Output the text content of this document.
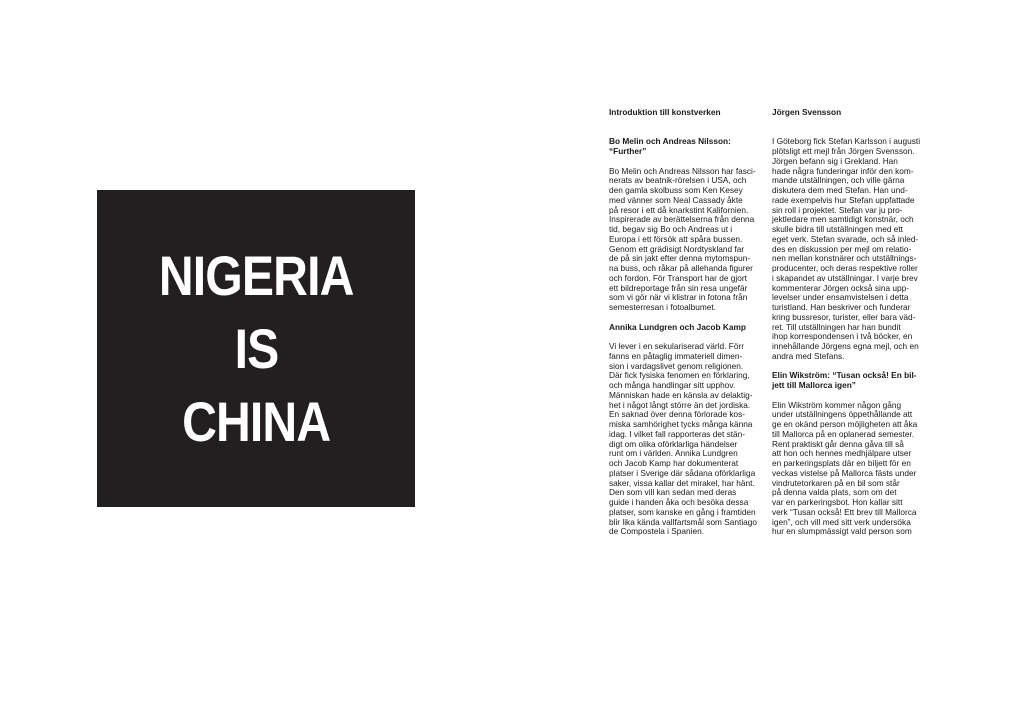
NIGERIA
IS
CHINA
Introduktion till konstverken
Bo Melin och Andreas Nilsson:
“Further”

Bo Melin och Andreas Nilsson har fasci-
nerats av beatnik-rörelsen i USA, och
den gamla skolbuss som Ken Kesey
med vänner som Neal Cassady åkte
på resor i ett då knarkstint Kalifornien.
Inspirerade av berättelserna från denna
tid, begav sig Bo och Andreas ut i
Europa i ett försök att spåra bussen.
Genom ett grädisigt Nordtyskland far
de på sin jakt efter denna mytomspun-
na buss, och råkar på allehanda figurer
och fordon. För Transport har de gjort
ett bildreportage från sin resa ungefär
som vi gör när vi klistrar in fotona från
semesterresan i fotoalbumet.

Annika Lundgren och Jacob Kamp

Vi lever i en sekulariserad värld. Förr
fanns en påtaglig immateriell dimen-
sion i vardagslivet genom religionen.
Där fick fysiska fenomen en förklaring,
och många handlingar sitt upphov.
Människan hade en känsla av delaktig-
het i något långt större än det jordiska.
En saknad över denna förlorade kos-
miska samhörighet tycks många känna
idag. I vilket fall rapporteras det stän-
digt om olika oförklarliga händelser
runt om i världen. Annika Lundgren
och Jacob Kamp har dokumenterat
platser i Sverige där sådana oförklarliga
saker, vissa kallar det mirakel, har hänt.
Den som vill kan sedan med deras
guide i handen åka och besöka dessa
platser, som kanske en gång i framtiden
blir lika kända vallfartsmål som Santiago
de Compostela i Spanien.

Jörgen Svensson

I Göteborg fick Stefan Karlsson i augusti
plötsligt ett mejl från Jörgen Svensson.
Jörgen befann sig i Grekland. Han
hade några funderingar inför den kom-
mande utställningen, och ville gärna
diskutera dem med Stefan. Han und-
rade exempelvis hur Stefan uppfattade
sin roll i projektet. Stefan var ju pro-
jektledare men samtidigt konstnär, och
skulle bidra till utställningen med ett
eget verk. Stefan svarade, och så inled-
des en diskussion per mejl om relatio-
nen mellan konstnärer och utställnings-
producenter, och deras respektive roller
i skapandet av utställningar. I varje brev
kommenterar Jörgen också sina upp-
levelser under ensamvistelsen i detta
turistland. Han beskriver och funderar
kring bussresor, turister, eller bara väd-
ret. Till utställningen har han bundit
ihop korrespondensen i två böcker, en
innehållande Jörgens egna mejl, och en
andra med Stefans.

Elin Wikström: “Tusan också! En bil-
jett till Mallorca igen”

Elin Wikström kommer någon gång
under utställningens öppethållande att
ge en okänd person möjligheten att åka
till Mallorca på en oplanerad semester.
Rent praktiskt går denna gåva till så
att hon och hennes medhjälpare utser
en parkeringsplats där en biljett för en
veckas vistelse på Mallorca fästs under
vindrutetorkaren på en bil som står
på denna valda plats, som om det
var en parkeringsbot. Hon kallar sitt
verk “Tusan också! Ett brev till Mallorca
igen”, och vill med sitt verk undersöka
hur en slumpmässigt vald person som
